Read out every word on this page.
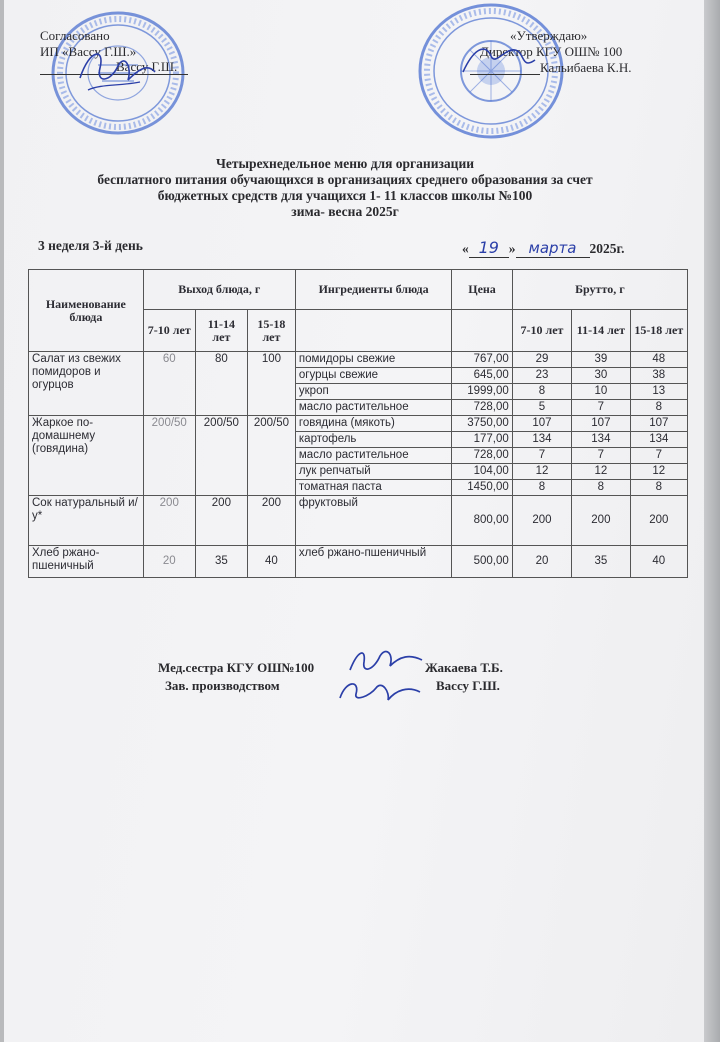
Согласовано
ИП «Вассу Г.Ш.»
Вассу Г.Ш.
«Утверждаю»
Директор КГУ ОШ№ 100
Кальибаева К.Н.
Четырехнедельное меню для организации
бесплатного питания обучающихся в организациях среднего образования за счет
бюджетных средств для учащихся 1- 11 классов школы №100
зима- весна 2025г
3 неделя 3-й день	« 19 » марта 2025г.
Наименование блюда	Выход блюда, г			Ингредиенты блюда	Цена	Брутто, г		
	7-10 лет	11-14 лет	15-18 лет			7-10 лет	11-14 лет	15-18 лет
Салат из свежих помидоров и огурцов	60	80	100	помидоры свежие	767,00	29	39	48
				огурцы свежие	645,00	23	30	38
				укроп	1999,00	8	10	13
				масло растительное	728,00	5	7	8
Жаркое по-домашнему (говядина)	200/50	200/50	200/50	говядина (мякоть)	3750,00	107	107	107
				картофель	177,00	134	134	134
				масло растительное	728,00	7	7	7
				лук репчатый	104,00	12	12	12
				томатная паста	1450,00	8	8	8
Сок натуральный и/у*	200	200	200	фруктовый	800,00	200	200	200
Хлеб ржано-пшеничный	20	35	40	хлеб ржано-пшеничный	500,00	20	35	40
Мед.сестра КГУ ОШ№100	Жакаева Т.Б.
Зав. производством	Вассу Г.Ш.
